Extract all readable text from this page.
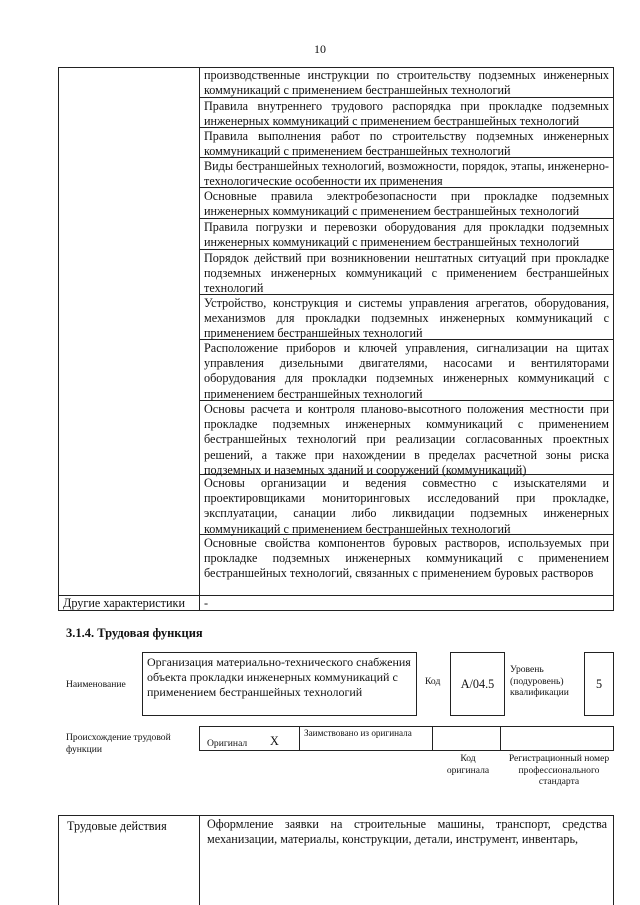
10
производственные инструкции по строительству подземных инженерных коммуникаций с применением бестраншейных технологий
Правила внутреннего трудового распорядка при прокладке подземных инженерных коммуникаций с применением бестраншейных технологий
Правила выполнения работ по строительству подземных инженерных коммуникаций с применением бестраншейных технологий
Виды бестраншейных технологий, возможности, порядок, этапы, инженерно-технологические особенности их применения
Основные правила электробезопасности при прокладке подземных инженерных коммуникаций с применением бестраншейных технологий
Правила погрузки и перевозки оборудования для прокладки подземных инженерных коммуникаций с применением бестраншейных технологий
Порядок действий при возникновении нештатных ситуаций при прокладке подземных инженерных коммуникаций с применением бестраншейных технологий
Устройство, конструкция и системы управления агрегатов, оборудования, механизмов для прокладки подземных инженерных коммуникаций с применением бестраншейных технологий
Расположение приборов и ключей управления, сигнализации на щитах управления дизельными двигателями, насосами и вентиляторами оборудования для прокладки подземных инженерных коммуникаций с применением бестраншейных технологий
Основы расчета и контроля планово-высотного положения местности при прокладке подземных инженерных коммуникаций с применением бестраншейных технологий при реализации согласованных проектных решений, а также при нахождении в пределах расчетной зоны риска подземных и наземных зданий и сооружений (коммуникаций)
Основы организации и ведения совместно с изыскателями и проектировщиками мониторинговых исследований при прокладке, эксплуатации, санации либо ликвидации подземных инженерных коммуникаций с применением бестраншейных технологий
Основные свойства компонентов буровых растворов, используемых при прокладке подземных инженерных коммуникаций с применением бестраншейных технологий, связанных с применением буровых растворов
Другие характеристики	-
3.1.4. Трудовая функция
Наименование
Организация материально-технического снабжения объекта прокладки инженерных коммуникаций с применением бестраншейных технологий
Код	A/04.5
Уровень (подуровень) квалификации
5
Происхождение трудовой функции	Оригинал X
Заимствовано из оригинала
Код оригинала
Регистрационный номер профессионального стандарта
Трудовые действия	Оформление заявки на строительные машины, транспорт, средства механизации, материалы, конструкции, детали, инструмент, инвентарь,
